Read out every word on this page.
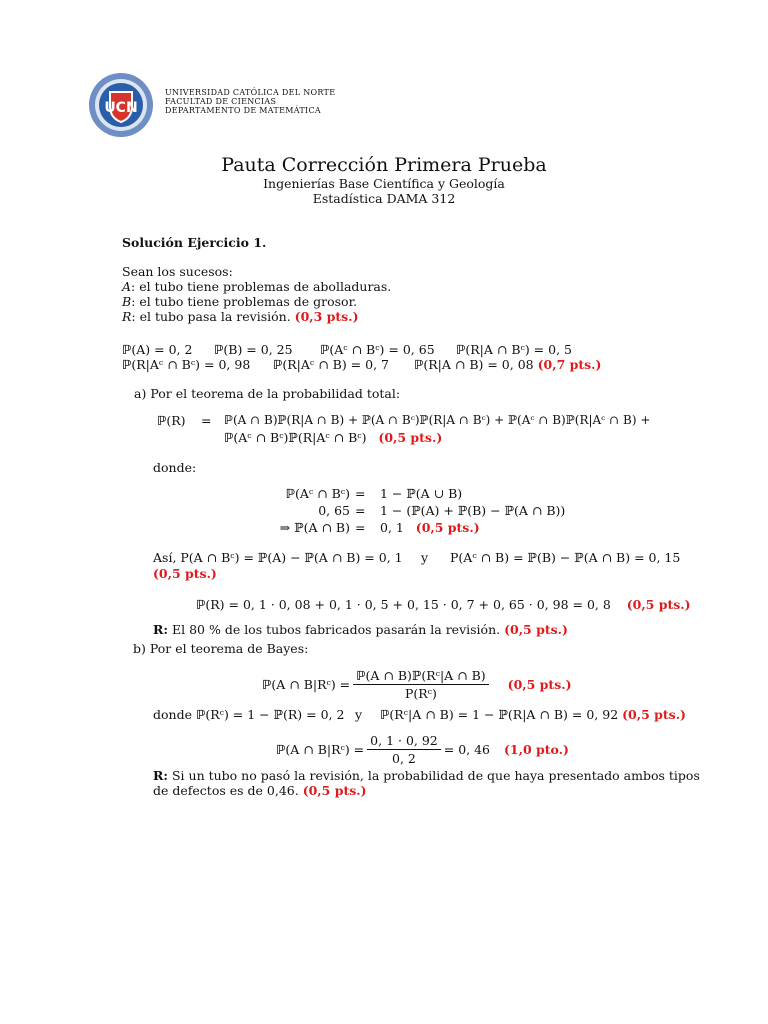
UCN
UNIVERSIDAD CATÓLICA DEL NORTE
FACULTAD DE CIENCIAS
DEPARTAMENTO DE MATEMÁTICA
Pauta Corrección Primera Prueba
Ingenierías Base Científica y Geología
Estadística DAMA 312
Solución Ejercicio 1.
Sean los sucesos:
A: el tubo tiene problemas de abolladuras.
B: el tubo tiene problemas de grosor.
R: el tubo pasa la revisión. (0,3 pts.)
ℙ(A) = 0, 2 ℙ(B) = 0, 25 ℙ(Aᶜ ∩ Bᶜ) = 0, 65 ℙ(R|A ∩ Bᶜ) = 0, 5
ℙ(R|Aᶜ ∩ Bᶜ) = 0, 98 ℙ(R|Aᶜ ∩ B) = 0, 7 ℙ(R|A ∩ B) = 0, 08 (0,7 pts.)
a) Por el teorema de la probabilidad total:
ℙ(R) = ℙ(A ∩ B)ℙ(R|A ∩ B) + ℙ(A ∩ Bᶜ)ℙ(R|A ∩ Bᶜ) + ℙ(Aᶜ ∩ B)ℙ(R|Aᶜ ∩ B) +
ℙ(Aᶜ ∩ Bᶜ)ℙ(R|Aᶜ ∩ Bᶜ) (0,5 pts.)
donde:
ℙ(Aᶜ ∩ Bᶜ) = 1 − ℙ(A ∪ B)
0, 65 = 1 − (ℙ(A) + ℙ(B) − ℙ(A ∩ B))
⇒ ℙ(A ∩ B) = 0, 1 (0,5 pts.)
Así, P(A ∩ Bᶜ) = ℙ(A) − ℙ(A ∩ B) = 0, 1 y P(Aᶜ ∩ B) = ℙ(B) − ℙ(A ∩ B) = 0, 15
(0,5 pts.)
ℙ(R) = 0, 1 · 0, 08 + 0, 1 · 0, 5 + 0, 15 · 0, 7 + 0, 65 · 0, 98 = 0, 8 (0,5 pts.)
R: El 80 % de los tubos fabricados pasarán la revisión. (0,5 pts.)
b) Por el teorema de Bayes:
ℙ(A ∩ B|Rᶜ) = $\frac{\text{ℙ(A ∩ B)ℙ(Rᶜ|A ∩ B)}}{\text{P(Rᶜ)}} (0,5$ pts.)
donde ℙ(Rᶜ) = 1 − ℙ(R) = 0, 2 y ℙ(Rᶜ|A ∩ B) = 1 − ℙ(R|A ∩ B) = 0, 92 (0,5 pts.)
ℙ(A ∩ B|Rᶜ) = $\frac{0, 1 \cdot 0, 92}{0, 2} = 0$, 46 (1,0 pto.)
R: Si un tubo no pasó la revisión, la probabilidad de que haya presentado ambos tipos
de defectos es de 0,46. (0,5 pts.)
